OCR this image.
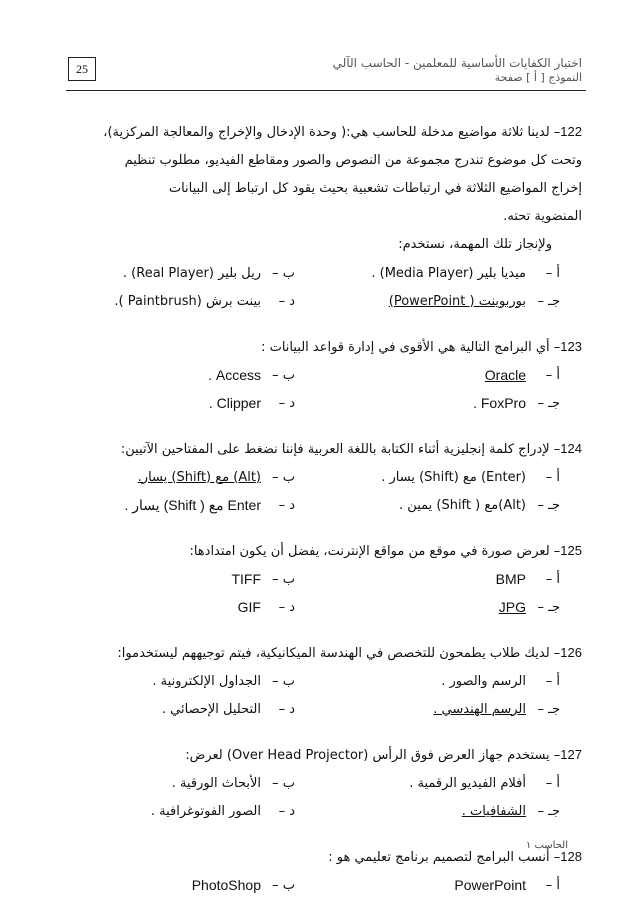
25	اختبار الكفايات الأساسية للمعلمين - الحاسب الآلي
النموذج [ أ ] صفحة
122– لدينا ثلاثة مواضيع مدخلة للحاسب هي:( وحدة الإدخال والإخراج والمعالجة المركزية)،
وتحت كل موضوع تندرج مجموعة من النصوص والصور ومقاطع الفيديو، مطلوب تنظيم
إخراج المواضيع الثلاثة في ارتباطات تشعبية بحيث يقود كل ارتباط إلى البيانات
المنضوية تحته.
ولإنجاز تلك المهمة، نستخدم:
أ –
ميديا بلير (Media Player) .
ب –
ريل بلير (Real Player) .
جـ –
بوربوينت ( PowerPoint)
د –
بينت برش (Paintbrush ).
123– أي البرامج التالية هي الأقوى في إدارة قواعد البيانات :
أ –
Oracle
ب –
Access .
جـ –
FoxPro .
د –
Clipper .
124– لإدراج كلمة إنجليزية أثناء الكتابة باللغة العربية فإننا نضغط على المفتاحين الآتيين:
أ –
(Enter) مع (Shift) يسار .
ب –
(Alt) مع (Shift) يسار.
جـ –
(Alt)مع ( Shift) يمين .
د –
Enter مع ( Shift) يسار .
125– لعرض صورة في موقع من مواقع الإنترنت، يفضل أن يكون امتدادها:
أ –
BMP
ب –
TIFF
جـ –
JPG
د –
GIF
126– لديك طلاب يطمحون للتخصص في الهندسة الميكانيكية، فيتم توجيههم ليستخدموا:
أ –
الرسم والصور .
ب –
الجداول الإلكترونية .
جـ –
الرسم الهندسي .
د –
التحليل الإحصائي .
127– يستخدم جهاز العرض فوق الرأس (Over Head Projector) لعرض:
أ –
أفلام الفيديو الرقمية .
ب –
الأبحاث الورقية .
جـ –
الشفافيات .
د –
الصور الفوتوغرافية .
128– أنسب البرامج لتصميم برنامج تعليمي هو :
أ –
PowerPoint
ب –
PhotoShop
الحاسب ١
